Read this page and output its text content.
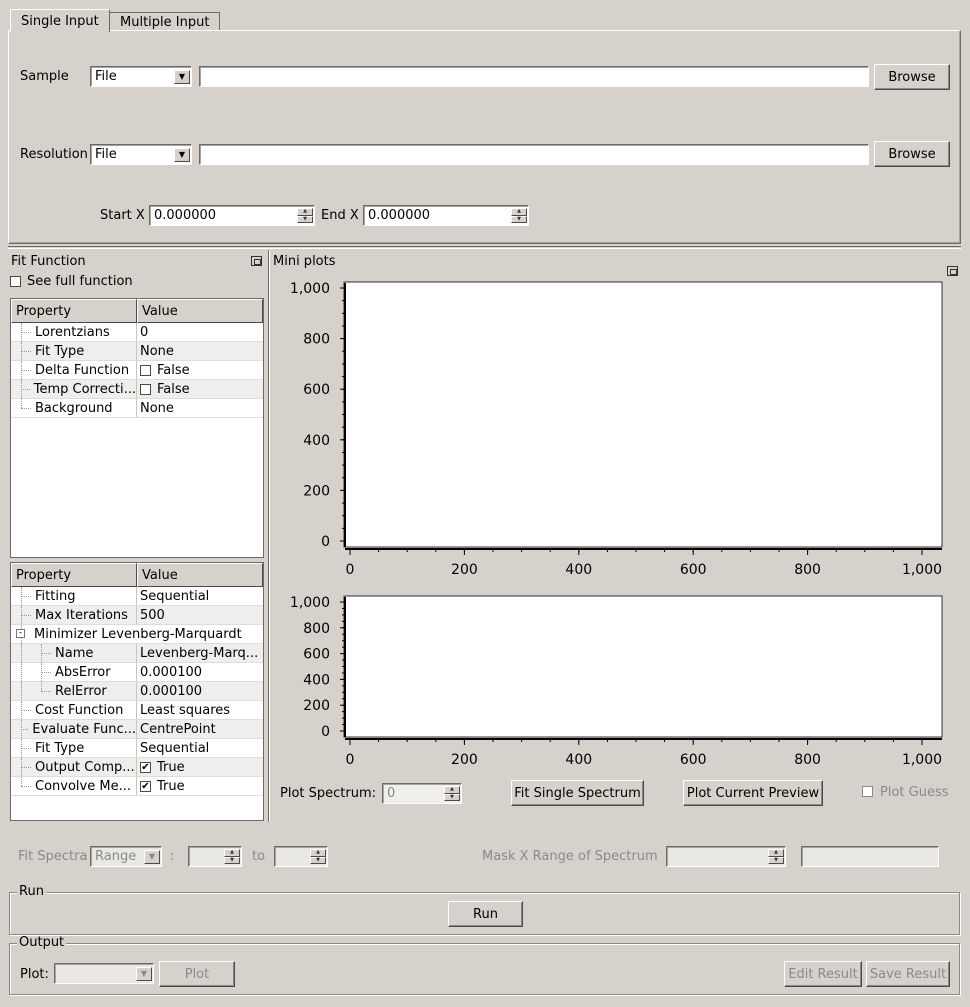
Single Input Multiple Input
Sample	File	▼	Browse
Resolution File	▼	Browse
Start X 0.000000	▲
▼	End X 0.000000	▲
▼
Fit Function
See full function
Property	Value
Lorentzians 0
Fit Type	None
Delta Function False
Temp Correcti... False
Background None
Property	Value
Fitting	Sequential
Max Iterations 500
- Minimizer Levenberg-Marquardt
Name	Levenberg-Marq...
AbsError 0.000100
RelError	0.000100
Cost Function Least squares
Evaluate Func... CentrePoint
Fit Type	Sequential
Output Comp... ✔ True
Convolve Me... ✔ True
Mini plots
0
200
400
600
800
1,000
0	200	400	600	800	1,000
0
200
400
600
800
1,000
0	200	400	600	800	1,000
Plot Spectrum: 0	▲
▼	Fit Single Spectrum	Plot Current Preview	Plot Guess
Fit Spectra Range	▼	:	▲
▼	to	▲
▼	Mask X Range of Spectrum	▲
▼
Run
Run
Output
Plot:	▼	Plot	Edit Result Save Result
